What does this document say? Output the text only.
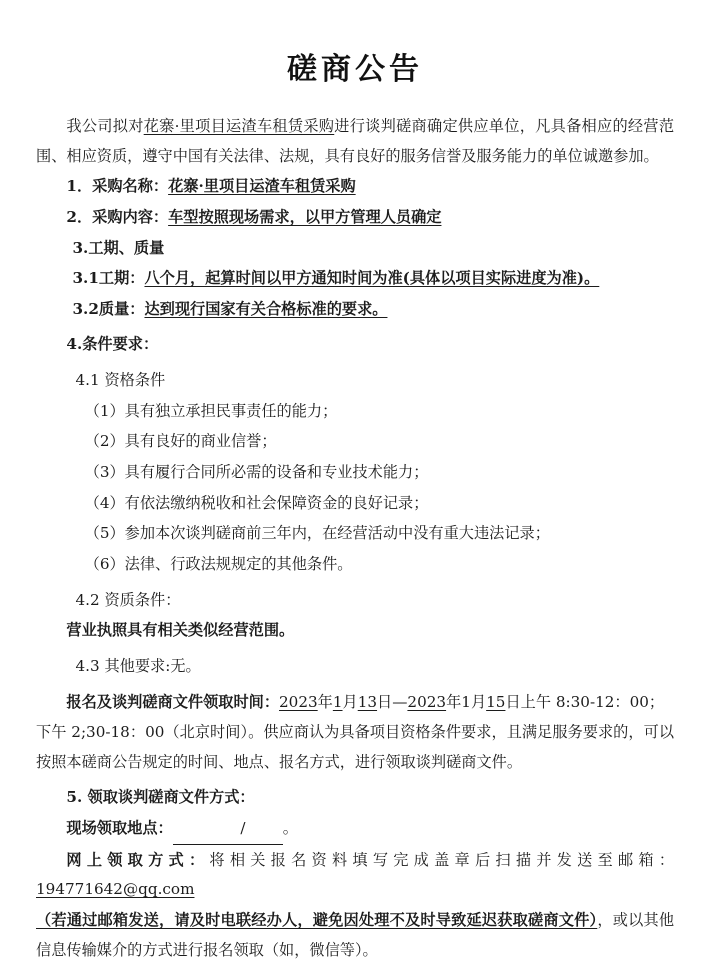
磋商公告

我公司拟对花寨·里项目运渣车租赁采购进行谈判磋商确定供应单位，凡具备相应的经营范围、相应资质，遵守中国有关法律、法规，具有良好的服务信誉及服务能力的单位诚邀参加。

1．采购名称：花寨·里项目运渣车租赁采购

2．采购内容：车型按照现场需求，以甲方管理人员确定

3.工期、质量

3.1工期：八个月，起算时间以甲方通知时间为准(具体以项目实际进度为准)。

3.2质量：达到现行国家有关合格标准的要求。

4.条件要求：

4.1 资格条件

（1）具有独立承担民事责任的能力；

（2）具有良好的商业信誉；

（3）具有履行合同所必需的设备和专业技术能力；

（4）有依法缴纳税收和社会保障资金的良好记录；

（5）参加本次谈判磋商前三年内，在经营活动中没有重大违法记录；

（6）法律、行政法规规定的其他条件。

4.2 资质条件：

营业执照具有相关类似经营范围。

4.3 其他要求:无。

报名及谈判磋商文件领取时间：2023年1月13日—2023年1月15日上午 8:30-12：00；

下午 2;30-18：00（北京时间）。供应商认为具备项目资格条件要求，且满足服务要求的，可以按照本磋商公告规定的时间、地点、报名方式，进行领取谈判磋商文件。

5. 领取谈判磋商文件方式：

现场领取地点：	/ 。

网上领取方式：将相关报名资料填写完成盖章后扫描并发送至邮箱：194771642@qq.com

（若通过邮箱发送，请及时电联经办人，避免因处理不及时导致延迟获取磋商文件），或以其他信息传输媒介的方式进行报名领取（如，微信等）。
